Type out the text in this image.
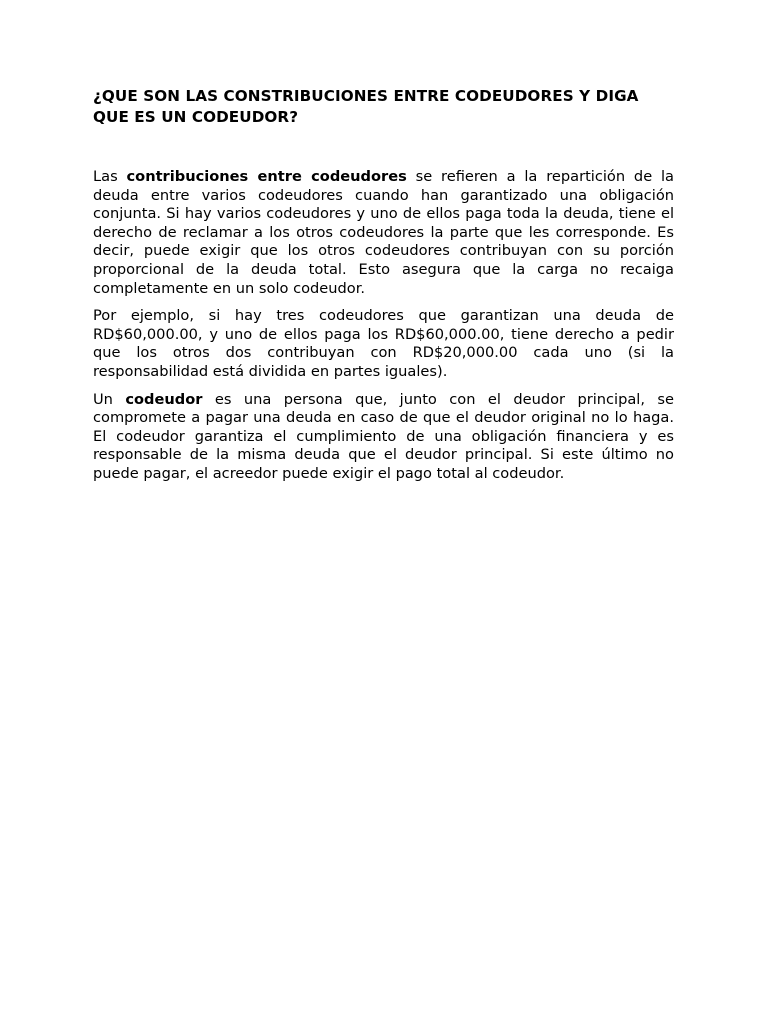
¿QUE SON LAS CONSTRIBUCIONES ENTRE CODEUDORES Y DIGA QUE ES UN CODEUDOR?

Las contribuciones entre codeudores se refieren a la repartición de la deuda entre varios codeudores cuando han garantizado una obligación conjunta. Si hay varios codeudores y uno de ellos paga toda la deuda, tiene el derecho de reclamar a los otros codeudores la parte que les corresponde. Es decir, puede exigir que los otros codeudores contribuyan con su porción proporcional de la deuda total. Esto asegura que la carga no recaiga completamente en un solo codeudor.

Por ejemplo, si hay tres codeudores que garantizan una deuda de RD$60,000.00, y uno de ellos paga los RD$60,000.00, tiene derecho a pedir que los otros dos contribuyan con RD$20,000.00 cada uno (si la responsabilidad está dividida en partes iguales).

Un codeudor es una persona que, junto con el deudor principal, se compromete a pagar una deuda en caso de que el deudor original no lo haga. El codeudor garantiza el cumplimiento de una obligación financiera y es responsable de la misma deuda que el deudor principal. Si este último no puede pagar, el acreedor puede exigir el pago total al codeudor.
